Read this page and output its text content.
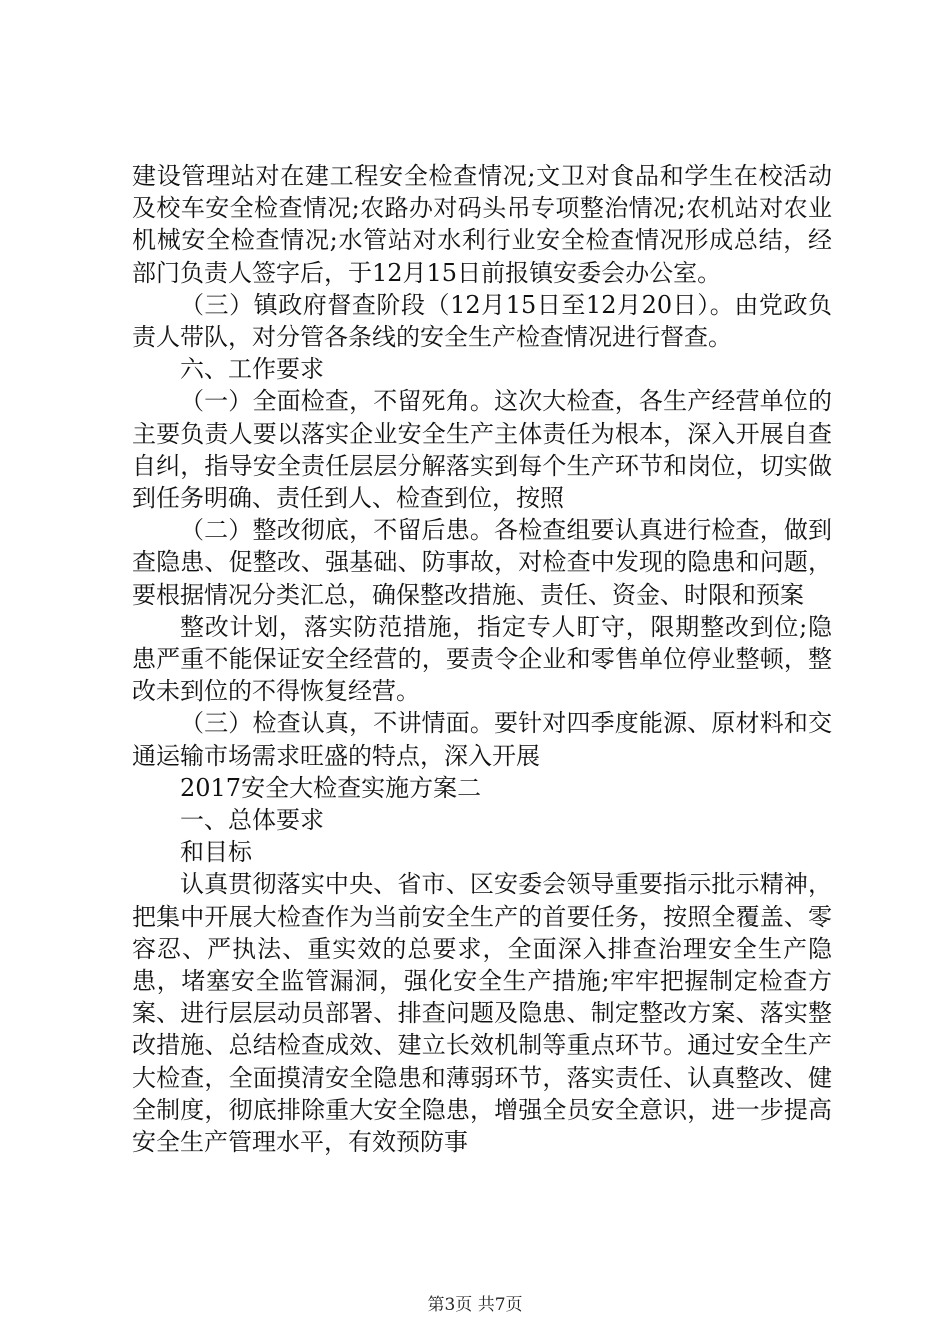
建设管理站对在建工程安全检查情况;文卫对食品和学生在校活动及校车安全检查情况;农路办对码头吊专项整治情况;农机站对农业机械安全检查情况;水管站对水利行业安全检查情况形成总结，经部门负责人签字后，于12月15日前报镇安委会办公室。

（三）镇政府督查阶段（12月15日至12月20日）。由党政负责人带队，对分管各条线的安全生产检查情况进行督查。

六、工作要求

（一）全面检查，不留死角。这次大检查，各生产经营单位的主要负责人要以落实企业安全生产主体责任为根本，深入开展自查自纠，指导安全责任层层分解落实到每个生产环节和岗位，切实做到任务明确、责任到人、检查到位，按照

（二）整改彻底，不留后患。各检查组要认真进行检查，做到查隐患、促整改、强基础、防事故，对检查中发现的隐患和问题，要根据情况分类汇总，确保整改措施、责任、资金、时限和预案

整改计划，落实防范措施，指定专人盯守，限期整改到位;隐患严重不能保证安全经营的，要责令企业和零售单位停业整顿，整改未到位的不得恢复经营。

（三）检查认真，不讲情面。要针对四季度能源、原材料和交通运输市场需求旺盛的特点，深入开展

2017安全大检查实施方案二

一、总体要求

和目标

认真贯彻落实中央、省市、区安委会领导重要指示批示精神，把集中开展大检查作为当前安全生产的首要任务，按照全覆盖、零容忍、严执法、重实效的总要求，全面深入排查治理安全生产隐患，堵塞安全监管漏洞，强化安全生产措施;牢牢把握制定检查方案、进行层层动员部署、排查问题及隐患、制定整改方案、落实整改措施、总结检查成效、建立长效机制等重点环节。通过安全生产大检查，全面摸清安全隐患和薄弱环节，落实责任、认真整改、健全制度，彻底排除重大安全隐患，增强全员安全意识，进一步提高安全生产管理水平，有效预防事

第3页 共7页
